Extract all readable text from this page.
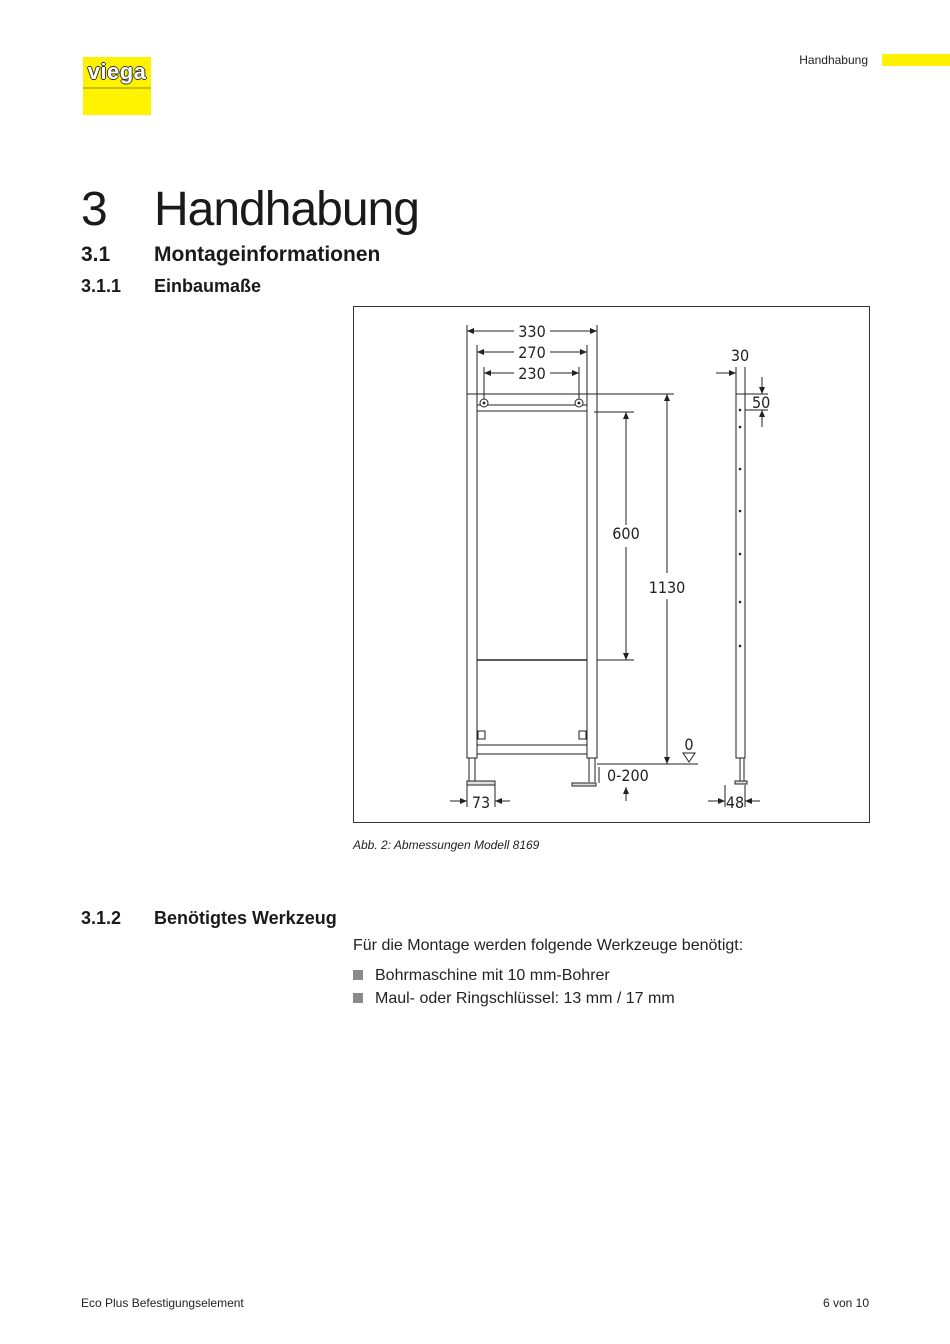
viega	Handhabung
3 Handhabung
3.1 Montageinformationen
3.1.1 Einbaumaße
330
270
230
30
50
600
1130
0
0-200
73	48
Abb. 2: Abmessungen Modell 8169
3.1.2 Benötigtes Werkzeug
Für die Montage werden folgende Werkzeuge benötigt:
Bohrmaschine mit 10 mm-Bohrer
Maul- oder Ringschlüssel: 13 mm / 17 mm
Eco Plus Befestigungselement	6 von 10
